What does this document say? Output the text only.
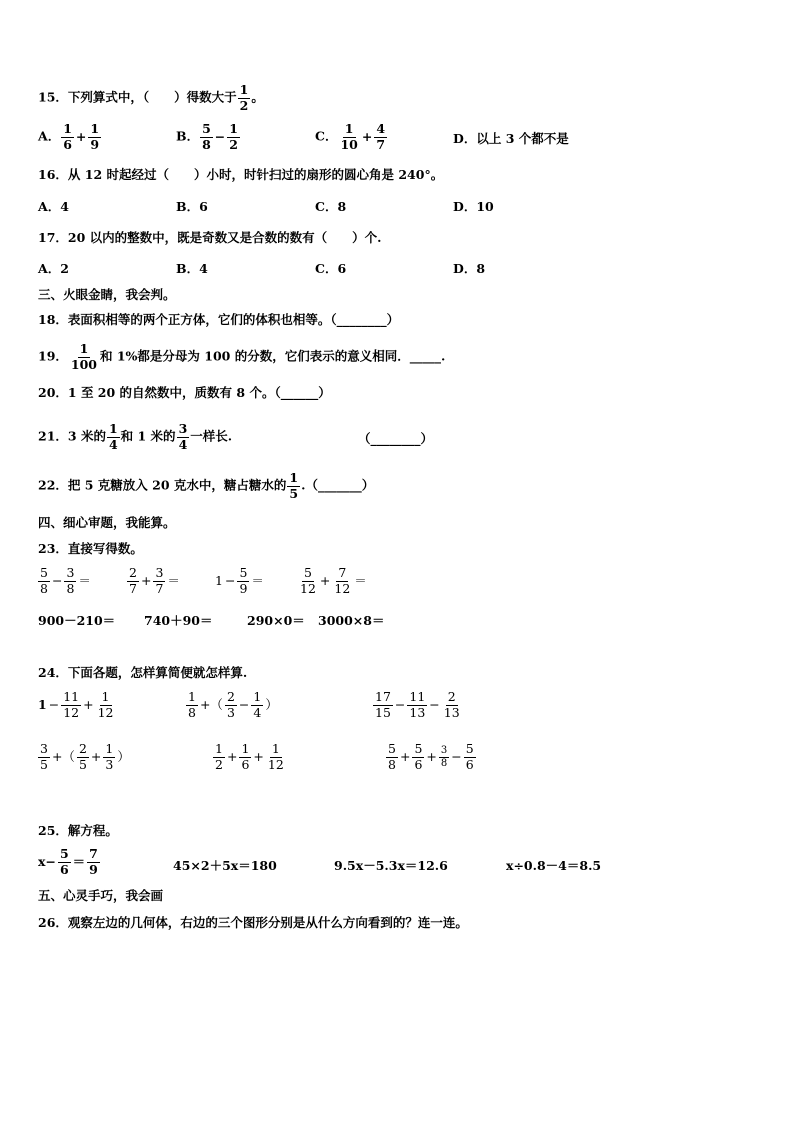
15．下列算式中，（　　）得数大于 $\frac{1}{2}$ 。
A． $\frac{1}{6} + \frac{1}{9}$	B． $\frac{5}{8} - \frac{1}{2}$	C． $\frac{1}{10} + \frac{4}{7}$	D．以上 3 个都不是
16．从 12 时起经过（　　）小时，时针扫过的扇形的圆心角是 240°。
A．4	B．6	C．8	D．10
17．20 以内的整数中，既是奇数又是合数的数有（　　）个.
A．2	B．4	C．6	D．8
三、火眼金睛，我会判。
18．表面积相等的两个正方体，它们的体积也相等。（________）
19． $\frac{1}{100}$ 和 1%都是分母为 100 的分数，它们表示的意义相同．_____.
20．1 至 20 的自然数中，质数有 8 个。（______）
21．3 米的 $\frac{1}{4}$ 和 1 米的 $\frac{3}{4}$ 一样长.	（________）
22．把 5 克糖放入 20 克水中，糖占糖水的 $\frac{1}{5}$ .（_______）
四、细心审题，我能算。
23．直接写得数。
$\frac{5}{8} - \frac{3}{8}$ ＝	$\frac{2}{7} + \frac{3}{7}$ ＝	$1 - \frac{5}{9}$ ＝	$\frac{5}{12} + \frac{7}{12}$ ＝
900－210＝ 740＋90＝	290×0＝ 3000×8＝
24．下面各题，怎样算简便就怎样算.
$1 - \frac{11}{12} + \frac{1}{12}$	$\frac{1}{8}$ +（ $\frac{2}{3} - \frac{1}{4}$ ）	$\frac{17}{15} - \frac{11}{13} - \frac{2}{13}$
$\frac{3}{5}$ +（ $\frac{2}{5} + \frac{1}{3}$ ）	$\frac{1}{2} + \frac{1}{6} + \frac{1}{12}$	$\frac{5}{8} + \frac{5}{6} + \frac{3}{8} - \frac{5}{6}$
25．解方程。
$x- \frac{5}{6} = \frac{7}{9}$	45×2＋5x＝180	9.5x－5.3x＝12.6	x÷0.8－4＝8.5
五、心灵手巧，我会画
26．观察左边的几何体，右边的三个图形分别是从什么方向看到的？连一连。
